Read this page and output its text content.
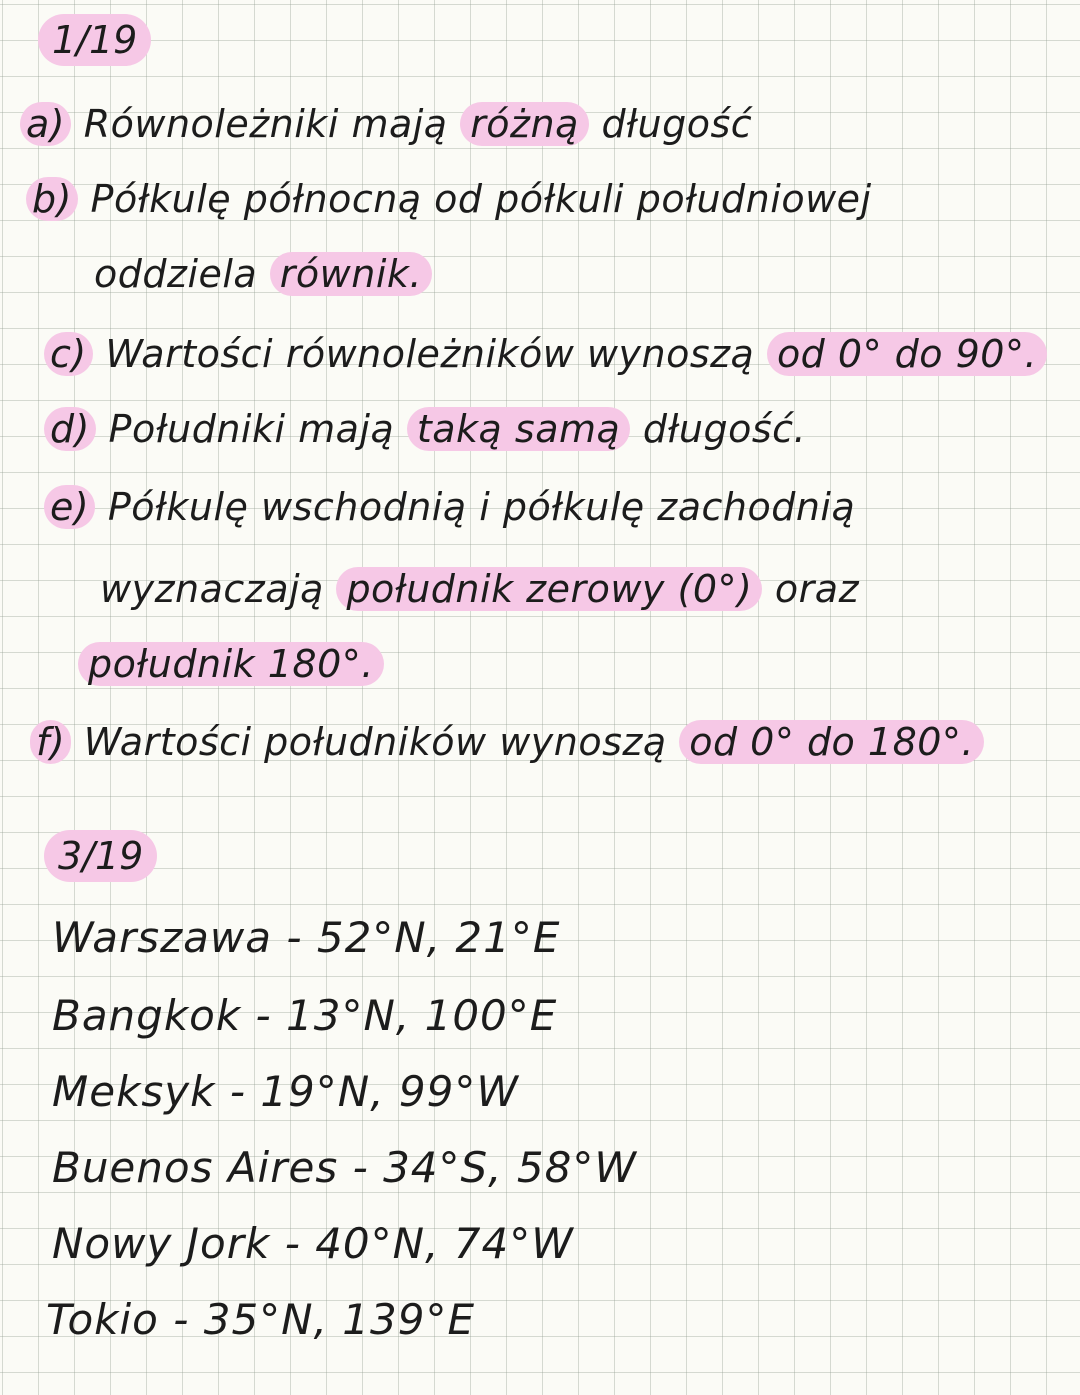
1/19
a) Równoleżniki mają różną długość
b) Półkulę północną od półkuli południowej
oddziela równik.
c) Wartości równoleżników wynoszą od 0° do 90°.
d) Południki mają taką samą długość.
e) Półkulę wschodnią i półkulę zachodnią
wyznaczają południk zerowy (0°) oraz
południk 180°.
f) Wartości południków wynoszą od 0° do 180°.
3/19
Warszawa - 52°N, 21°E
Bangkok - 13°N, 100°E
Meksyk - 19°N, 99°W
Buenos Aires - 34°S, 58°W
Nowy Jork - 40°N, 74°W
Tokio - 35°N, 139°E
